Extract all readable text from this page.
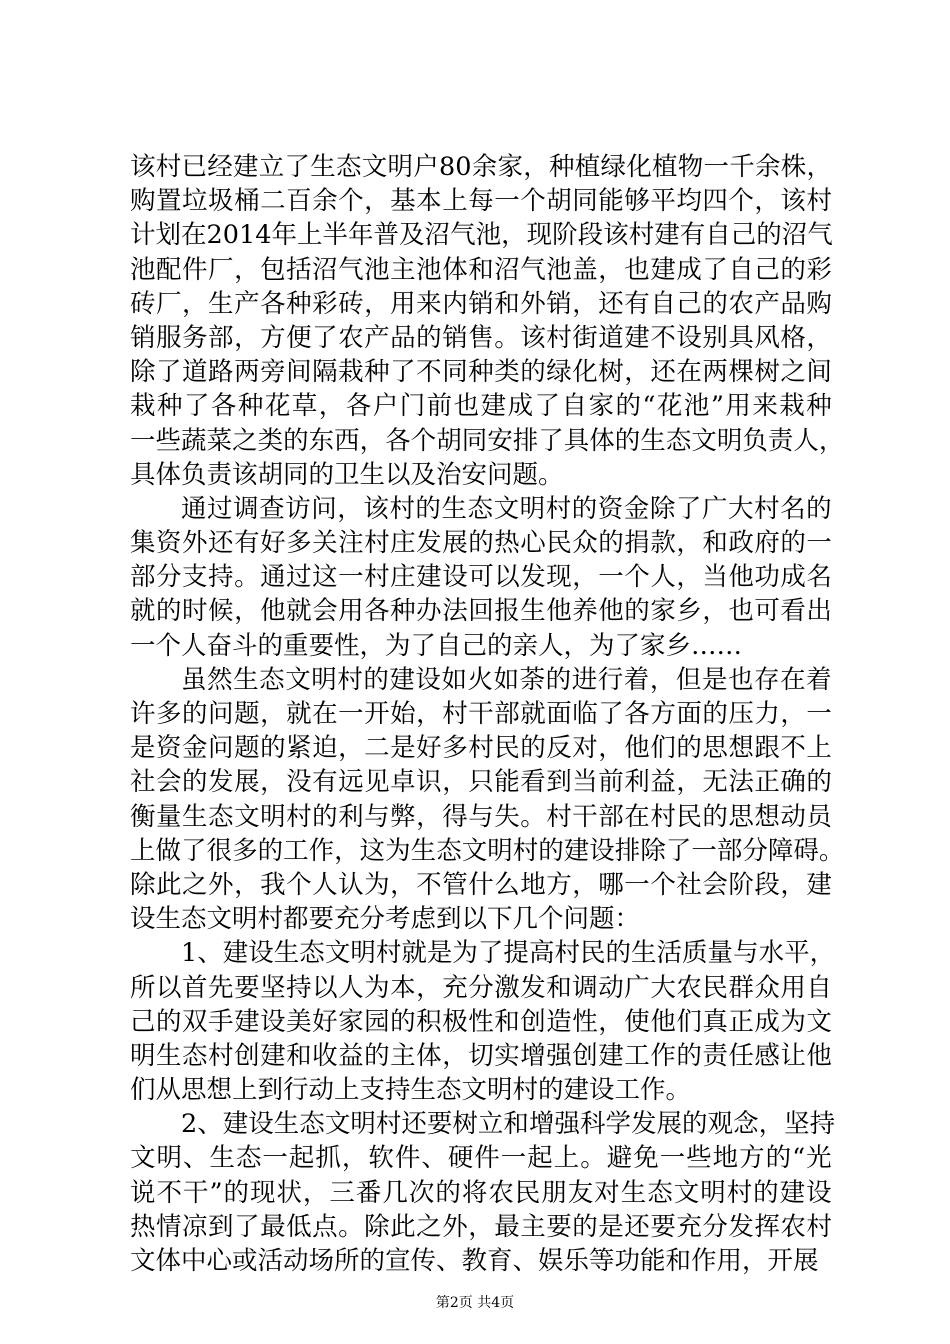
该 村 已 经 建 立 了 生 态 文 明 户 80 余 家 ， 种 植 绿 化 植 物 一 千 余 株 ，
购 置 垃 圾 桶 二 百 余 个 ， 基 本 上 每 一 个 胡 同 能 够 平 均 四 个 ， 该 村
计 划 在 2014 年 上 半 年 普 及 沼 气 池 ， 现 阶 段 该 村 建 有 自 己 的 沼 气
池 配 件 厂 ， 包 括 沼 气 池 主 池 体 和 沼 气 池 盖 ， 也 建 成 了 自 己 的 彩
砖 厂 ， 生 产 各 种 彩 砖 ， 用 来 内 销 和 外 销 ， 还 有 自 己 的 农 产 品 购
销 服 务 部 ， 方 便 了 农 产 品 的 销 售 。 该 村 街 道 建 不 设 别 具 风 格 ，
除 了 道 路 两 旁 间 隔 栽 种 了 不 同 种 类 的 绿 化 树 ， 还 在 两 棵 树 之 间
栽 种 了 各 种 花 草 ， 各 户 门 前 也 建 成 了 自 家 的 “ 花 池 ” 用 来 栽 种
一 些 蔬 菜 之 类 的 东 西 ， 各 个 胡 同 安 排 了 具 体 的 生 态 文 明 负 责 人 ，
具体负责该胡同的卫生以及治安问题。
通 过 调 查 访 问 ， 该 村 的 生 态 文 明 村 的 资 金 除 了 广 大 村 名 的
集 资 外 还 有 好 多 关 注 村 庄 发 展 的 热 心 民 众 的 捐 款 ， 和 政 府 的 一
部 分 支 持 。 通 过 这 一 村 庄 建 设 可 以 发 现 ， 一 个 人 ， 当 他 功 成 名
就 的 时 候 ， 他 就 会 用 各 种 办 法 回 报 生 他 养 他 的 家 乡 ， 也 可 看 出
一个人奋斗的重要性，为了自己的亲人，为了家乡……
虽 然 生 态 文 明 村 的 建 设 如 火 如 荼 的 进 行 着 ， 但 是 也 存 在 着
许 多 的 问 题 ， 就 在 一 开 始 ， 村 干 部 就 面 临 了 各 方 面 的 压 力 ， 一
是 资 金 问 题 的 紧 迫 ， 二 是 好 多 村 民 的 反 对 ， 他 们 的 思 想 跟 不 上
社 会 的 发 展 ， 没 有 远 见 卓 识 ， 只 能 看 到 当 前 利 益 ， 无 法 正 确 的
衡 量 生 态 文 明 村 的 利 与 弊 ， 得 与 失 。 村 干 部 在 村 民 的 思 想 动 员
上 做 了 很 多 的 工 作 ， 这 为 生 态 文 明 村 的 建 设 排 除 了 一 部 分 障 碍 。
除 此 之 外 ， 我 个 人 认 为 ， 不 管 什 么 地 方 ， 哪 一 个 社 会 阶 段 ， 建
设生态文明村都要充分考虑到以下几个问题：
1 、 建 设 生 态 文 明 村 就 是 为 了 提 高 村 民 的 生 活 质 量 与 水 平 ，
所 以 首 先 要 坚 持 以 人 为 本 ， 充 分 激 发 和 调 动 广 大 农 民 群 众 用 自
己 的 双 手 建 设 美 好 家 园 的 积 极 性 和 创 造 性 ， 使 他 们 真 正 成 为 文
明 生 态 村 创 建 和 收 益 的 主 体 ， 切 实 增 强 创 建 工 作 的 责 任 感 让 他
们从思想上到行动上支持生态文明村的建设工作。
2 、 建 设 生 态 文 明 村 还 要 树 立 和 增 强 科 学 发 展 的 观 念 ， 坚 持
文 明 、 生 态 一 起 抓 ， 软 件 、 硬 件 一 起 上 。 避 免 一 些 地 方 的 “ 光
说 不 干 ” 的 现 状 ， 三 番 几 次 的 将 农 民 朋 友 对 生 态 文 明 村 的 建 设
热 情 凉 到 了 最 低 点 。 除 此 之 外 ， 最 主 要 的 是 还 要 充 分 发 挥 农 村
文体中心或活动场所的宣传、教育、娱乐等功能和作用，开展
第2页 共4页
